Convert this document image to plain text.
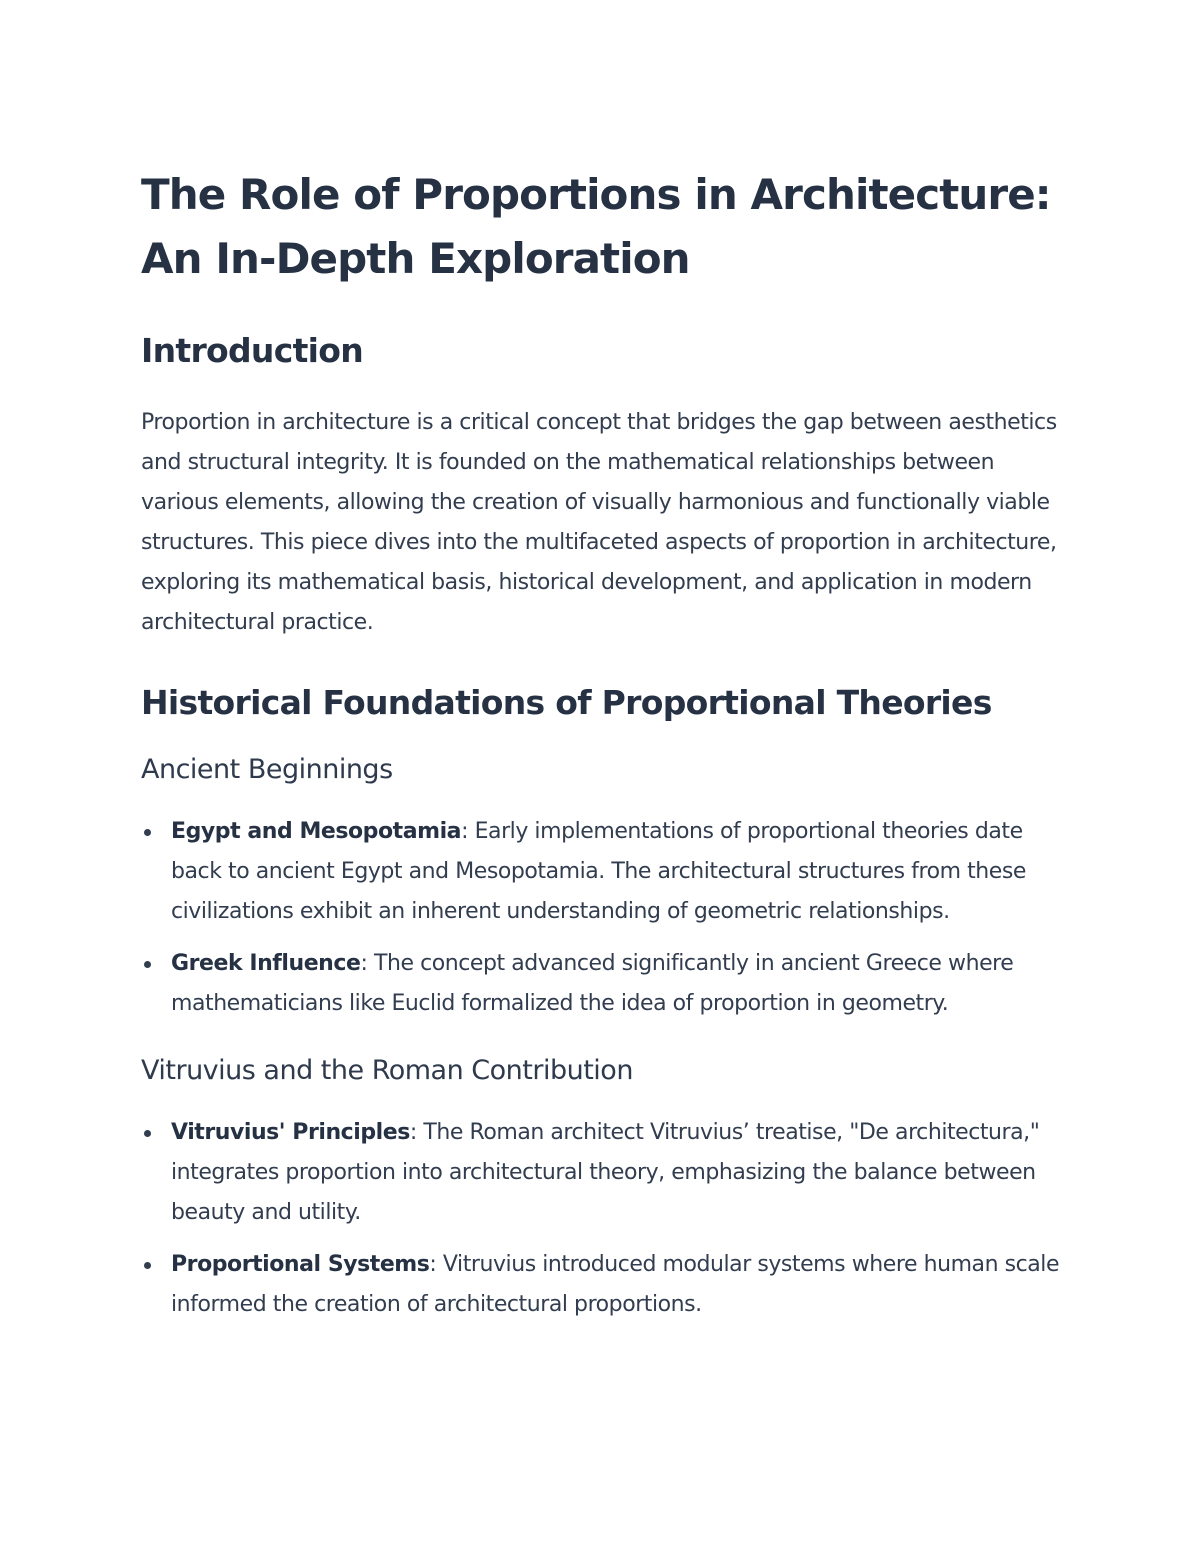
The Role of Proportions in Architecture:
An In-Depth Exploration
Introduction

Proportion in architecture is a critical concept that bridges the gap between aesthetics and structural integrity. It is founded on the mathematical relationships between various elements, allowing the creation of visually harmonious and functionally viable structures. This piece dives into the multifaceted aspects of proportion in architecture, exploring its mathematical basis, historical development, and application in modern architectural practice.

Historical Foundations of Proportional Theories
Ancient Beginnings
Egypt and Mesopotamia: Early implementations of proportional theories date back to ancient Egypt and Mesopotamia. The architectural structures from these civilizations exhibit an inherent understanding of geometric relationships.
Greek Influence: The concept advanced significantly in ancient Greece where mathematicians like Euclid formalized the idea of proportion in geometry.
Vitruvius and the Roman Contribution
Vitruvius' Principles: The Roman architect Vitruvius’ treatise, "De architectura," integrates proportion into architectural theory, emphasizing the balance between beauty and utility.
Proportional Systems: Vitruvius introduced modular systems where human scale informed the creation of architectural proportions.
